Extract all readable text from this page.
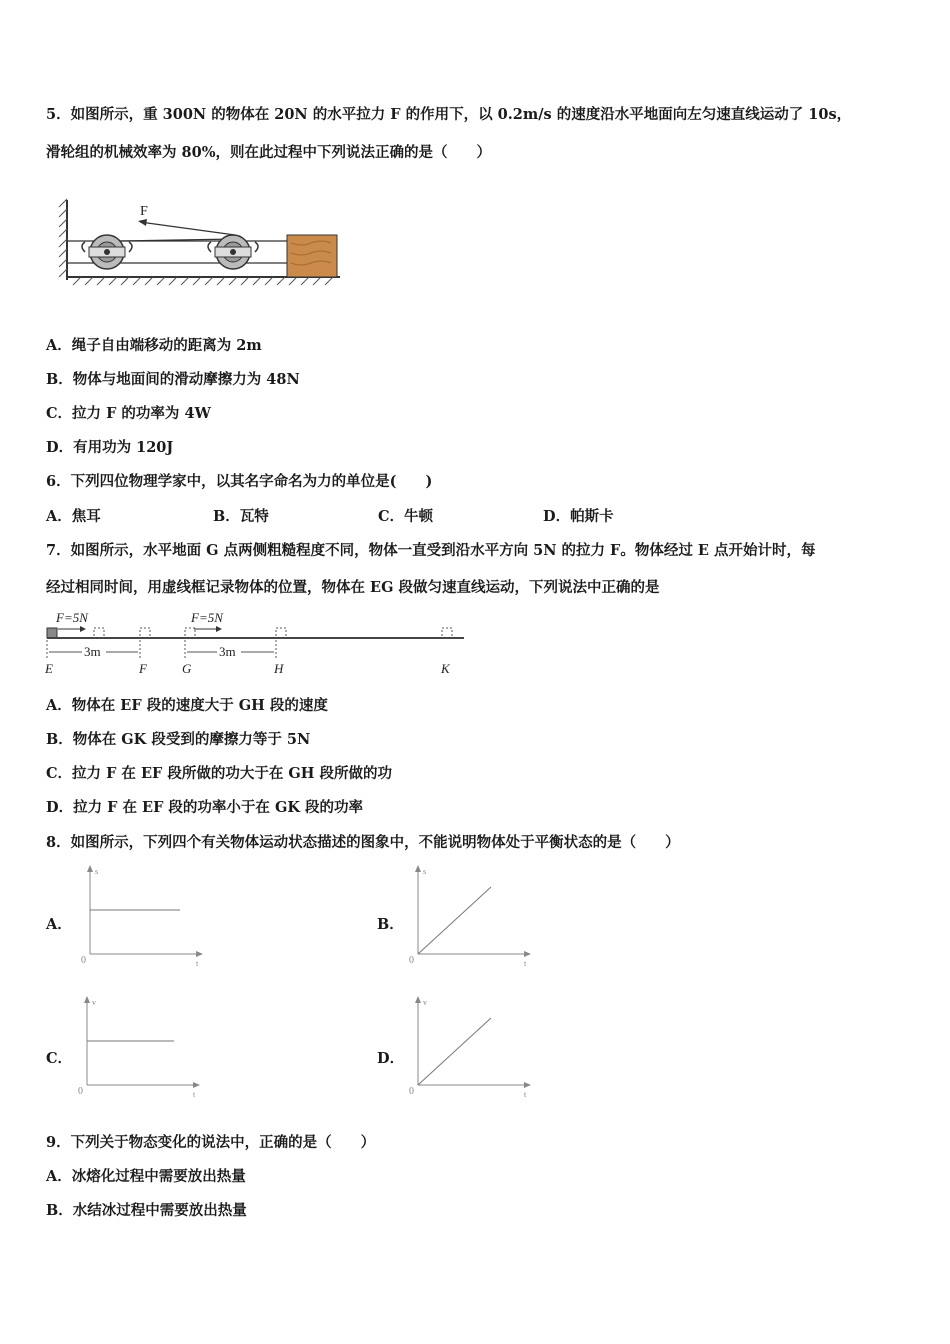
5．如图所示，重 300N 的物体在 20N 的水平拉力 F 的作用下，以 0.2m/s 的速度沿水平地面向左匀速直线运动了 10s，
滑轮组的机械效率为 80%，则在此过程中下列说法正确的是（　　）
F
A．绳子自由端移动的距离为 2m
B．物体与地面间的滑动摩擦力为 48N
C．拉力 F 的功率为 4W
D．有用功为 120J
6．下列四位物理学家中，以其名字命名为力的单位是(　　)
A．焦耳	B．瓦特	C．牛顿	D．帕斯卡
7．如图所示，水平地面 G 点两侧粗糙程度不同，物体一直受到沿水平方向 5N 的拉力 F。物体经过 E 点开始计时，每
经过相同时间，用虚线框记录物体的位置，物体在 EG 段做匀速直线运动，下列说法中正确的是
F=5N	F=5N
3m	3m
E	F	G	H	K
A．物体在 EF 段的速度大于 GH 段的速度
B．物体在 GK 段受到的摩擦力等于 5N
C．拉力 F 在 EF 段所做的功大于在 GH 段所做的功
D．拉力 F 在 EF 段的功率小于在 GK 段的功率
8．如图所示，下列四个有关物体运动状态描述的图象中，不能说明物体处于平衡状态的是（　　）
A．
s
t
0
B．
s
t
0
C．
v
t
0
D．
v
t
0
9．下列关于物态变化的说法中，正确的是（　　）
A．冰熔化过程中需要放出热量
B．水结冰过程中需要放出热量
